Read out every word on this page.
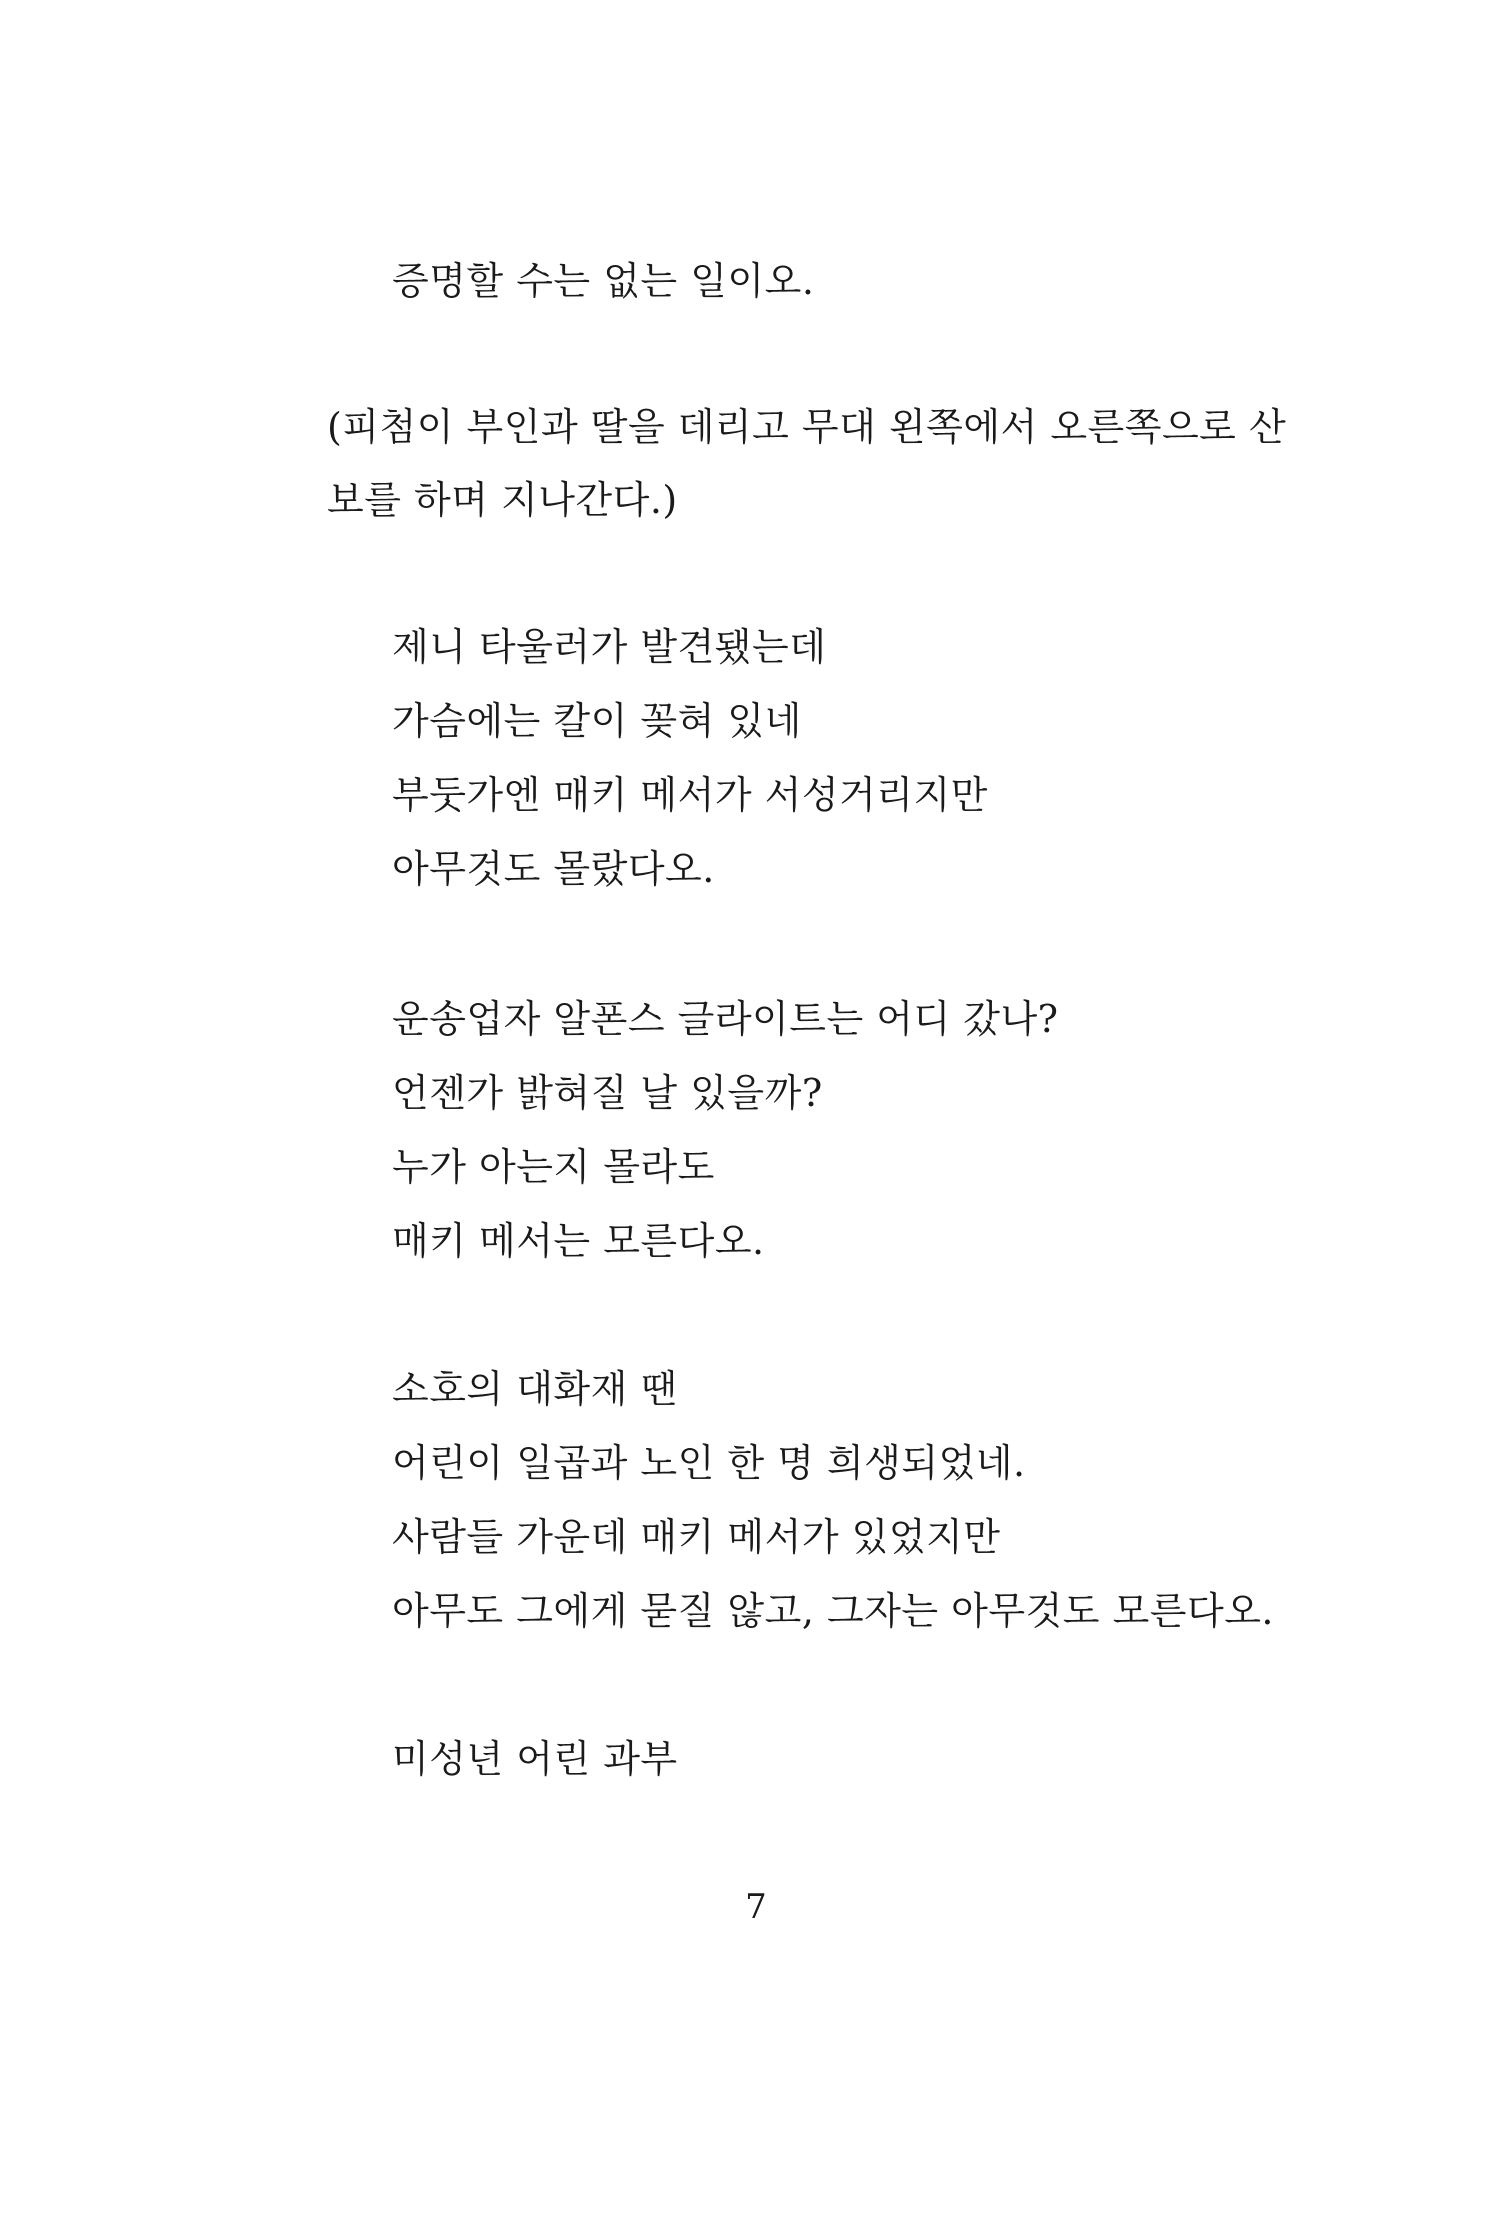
증명할 수는 없는 일이오.
(피첨이 부인과 딸을 데리고 무대 왼쪽에서 오른쪽으로 산
보를 하며 지나간다.)
제니 타울러가 발견됐는데
가슴에는 칼이 꽂혀 있네
부둣가엔 매키 메서가 서성거리지만
아무것도 몰랐다오.
운송업자 알폰스 글라이트는 어디 갔나?
언젠가 밝혀질 날 있을까?
누가 아는지 몰라도
매키 메서는 모른다오.
소호의 대화재 땐
어린이 일곱과 노인 한 명 희생되었네.
사람들 가운데 매키 메서가 있었지만
아무도 그에게 묻질 않고, 그자는 아무것도 모른다오.
미성년 어린 과부
7
